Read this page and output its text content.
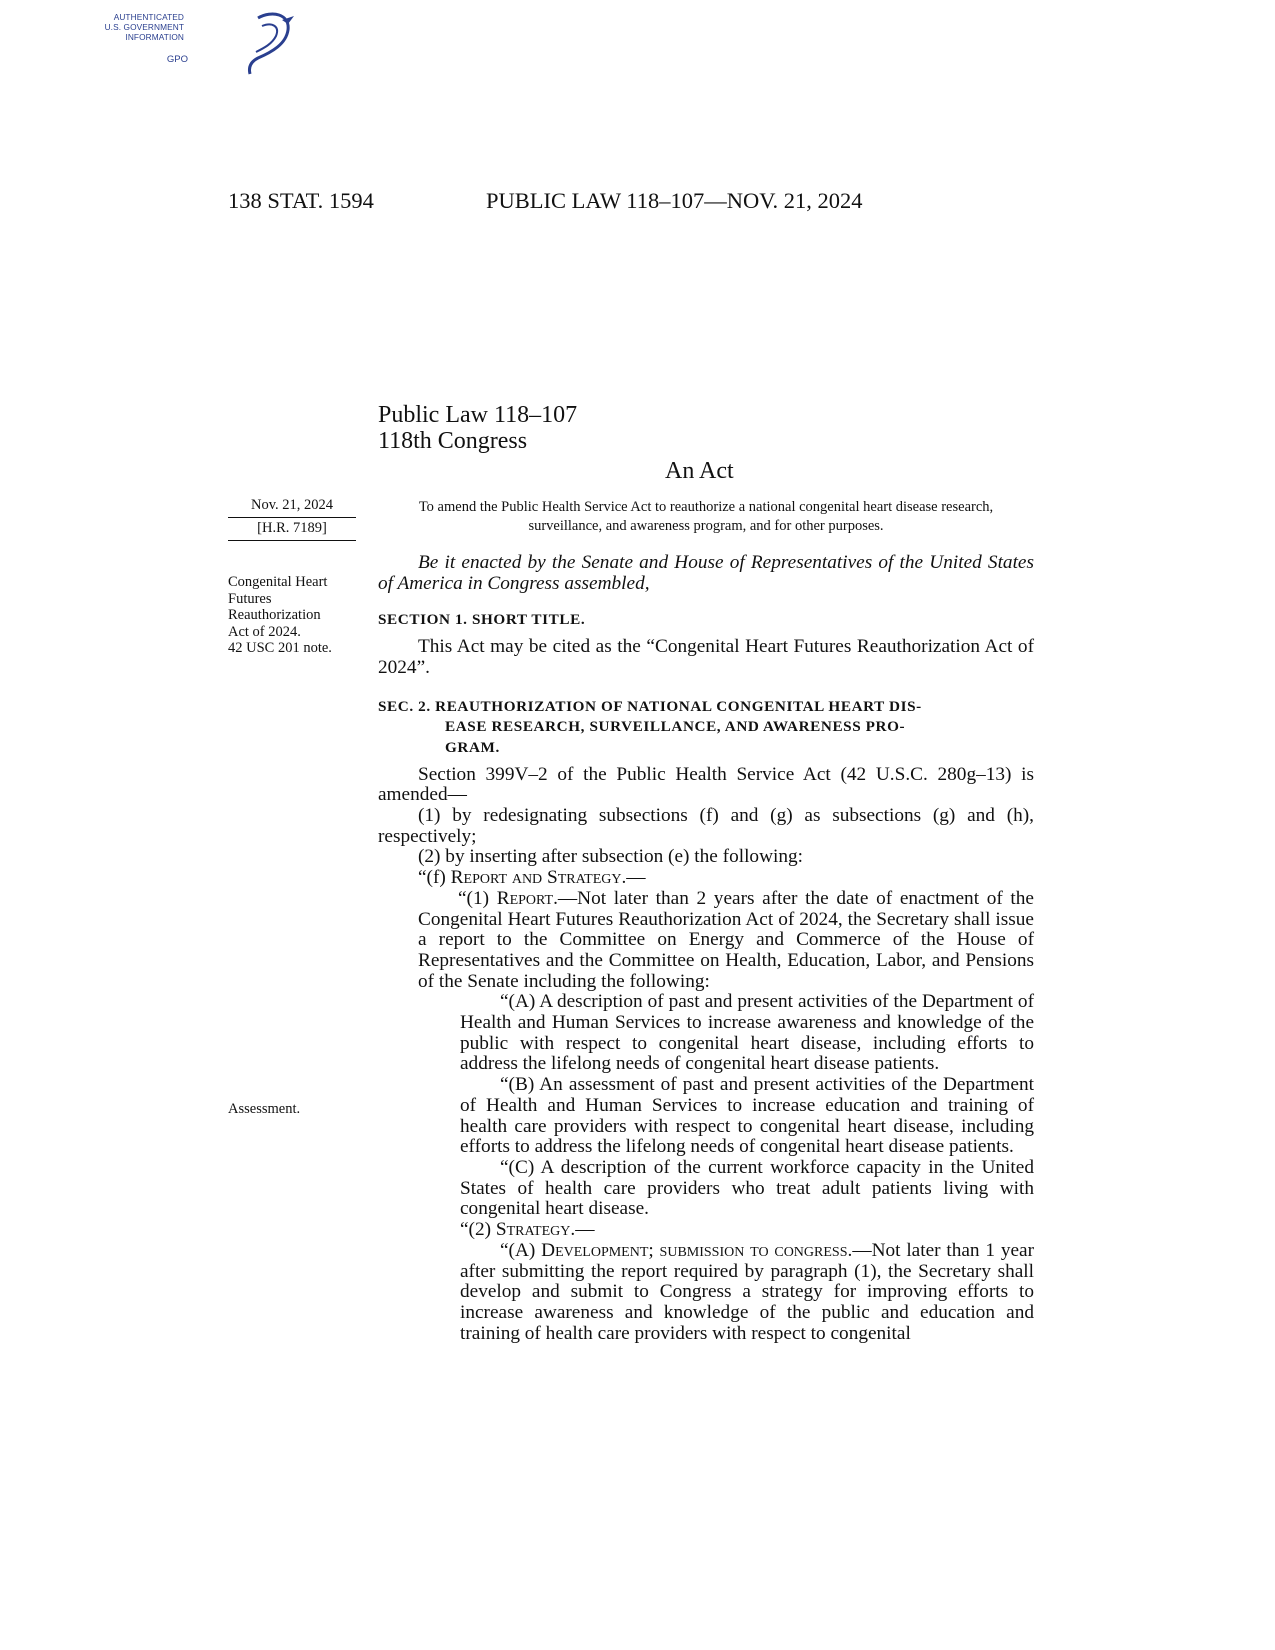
AUTHENTICATED
U.S. GOVERNMENT
INFORMATION
GPO
138 STAT. 1594	PUBLIC LAW 118–107—NOV. 21, 2024
Public Law 118–107
118th Congress
An Act
Nov. 21, 2024
[H.R. 7189]
Congenital Heart
Futures
Reauthorization
Act of 2024.
42 USC 201 note.
Assessment.
To amend the Public Health Service Act to reauthorize a national congenital heart disease research, surveillance, and awareness program, and for other purposes.
Be it enacted by the Senate and House of Representatives of the United States of America in Congress assembled,
SECTION 1. SHORT TITLE.
This Act may be cited as the “Congenital Heart Futures Reauthorization Act of 2024”.
SEC. 2. REAUTHORIZATION OF NATIONAL CONGENITAL HEART DIS-
EASE RESEARCH, SURVEILLANCE, AND AWARENESS PRO-
GRAM.
Section 399V–2 of the Public Health Service Act (42 U.S.C. 280g–13) is amended—
(1) by redesignating subsections (f) and (g) as subsections (g) and (h), respectively;
(2) by inserting after subsection (e) the following:
“(f) Report and Strategy.—
“(1) Report.—Not later than 2 years after the date of enactment of the Congenital Heart Futures Reauthorization Act of 2024, the Secretary shall issue a report to the Committee on Energy and Commerce of the House of Representatives and the Committee on Health, Education, Labor, and Pensions of the Senate including the following:
“(A) A description of past and present activities of the Department of Health and Human Services to increase awareness and knowledge of the public with respect to congenital heart disease, including efforts to address the lifelong needs of congenital heart disease patients.
“(B) An assessment of past and present activities of the Department of Health and Human Services to increase education and training of health care providers with respect to congenital heart disease, including efforts to address the lifelong needs of congenital heart disease patients.
“(C) A description of the current workforce capacity in the United States of health care providers who treat adult patients living with congenital heart disease.
“(2) Strategy.—
“(A) Development; submission to congress.—Not later than 1 year after submitting the report required by paragraph (1), the Secretary shall develop and submit to Congress a strategy for improving efforts to increase awareness and knowledge of the public and education and training of health care providers with respect to congenital
